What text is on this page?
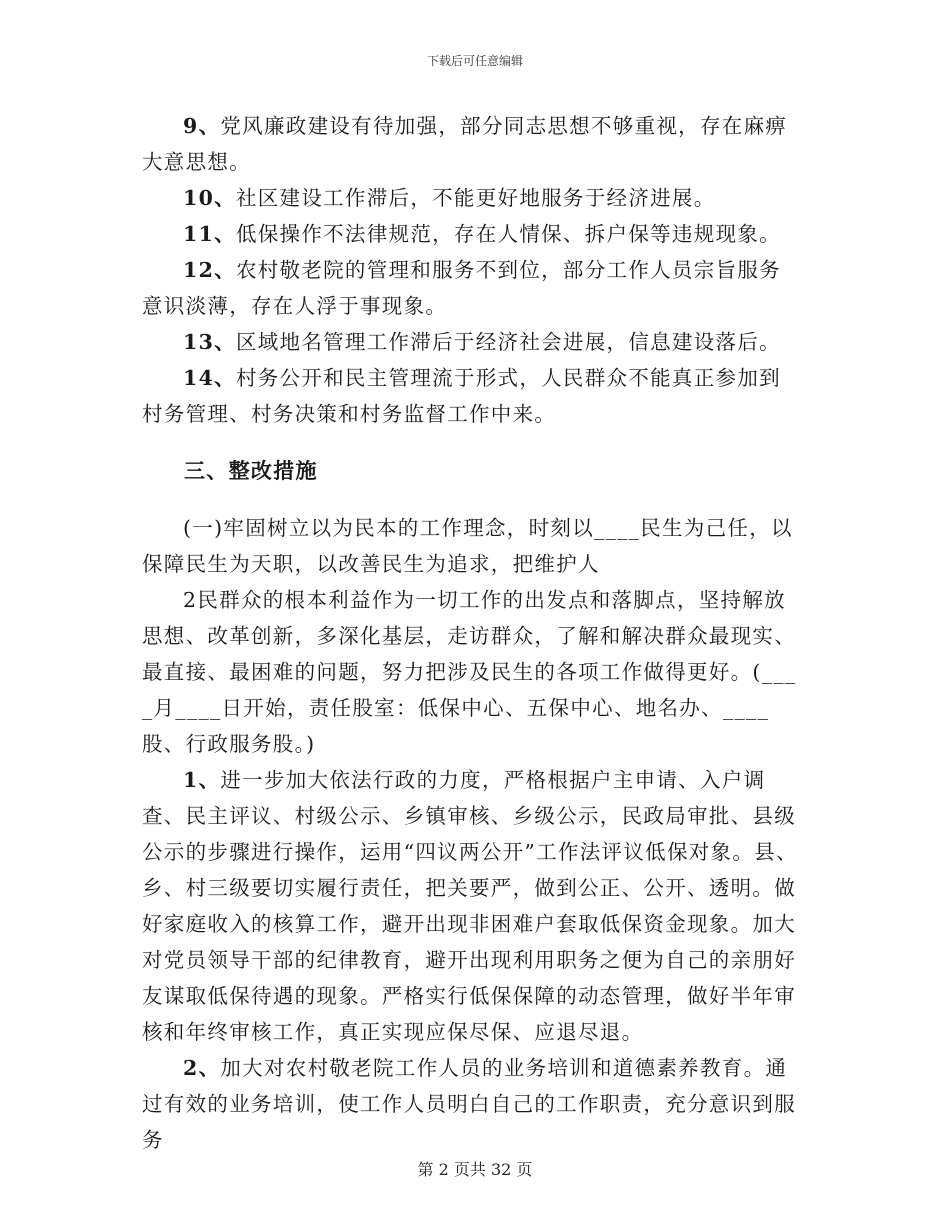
下载后可任意编辑

9、党风廉政建设有待加强，部分同志思想不够重视，存在麻痹大意思想。

10、社区建设工作滞后，不能更好地服务于经济进展。

11、低保操作不法律规范，存在人情保、拆户保等违规现象。

12、农村敬老院的管理和服务不到位，部分工作人员宗旨服务意识淡薄，存在人浮于事现象。

13、区域地名管理工作滞后于经济社会进展，信息建设落后。

14、村务公开和民主管理流于形式，人民群众不能真正参加到村务管理、村务决策和村务监督工作中来。

三、整改措施

(一)牢固树立以为民本的工作理念，时刻以____民生为己任，以保障民生为天职，以改善民生为追求，把维护人

2民群众的根本利益作为一切工作的出发点和落脚点，坚持解放思想、改革创新，多深化基层，走访群众，了解和解决群众最现实、最直接、最困难的问题，努力把涉及民生的各项工作做得更好。(____月____日开始，责任股室：低保中心、五保中心、地名办、____股、行政服务股。)

1、进一步加大依法行政的力度，严格根据户主申请、入户调查、民主评议、村级公示、乡镇审核、乡级公示，民政局审批、县级公示的步骤进行操作，运用“四议两公开”工作法评议低保对象。县、乡、村三级要切实履行责任，把关要严，做到公正、公开、透明。做好家庭收入的核算工作，避开出现非困难户套取低保资金现象。加大对党员领导干部的纪律教育，避开出现利用职务之便为自己的亲朋好友谋取低保待遇的现象。严格实行低保保障的动态管理，做好半年审核和年终审核工作，真正实现应保尽保、应退尽退。

2、加大对农村敬老院工作人员的业务培训和道德素养教育。通过有效的业务培训，使工作人员明白自己的工作职责，充分意识到服务

第 2 页共 32 页
